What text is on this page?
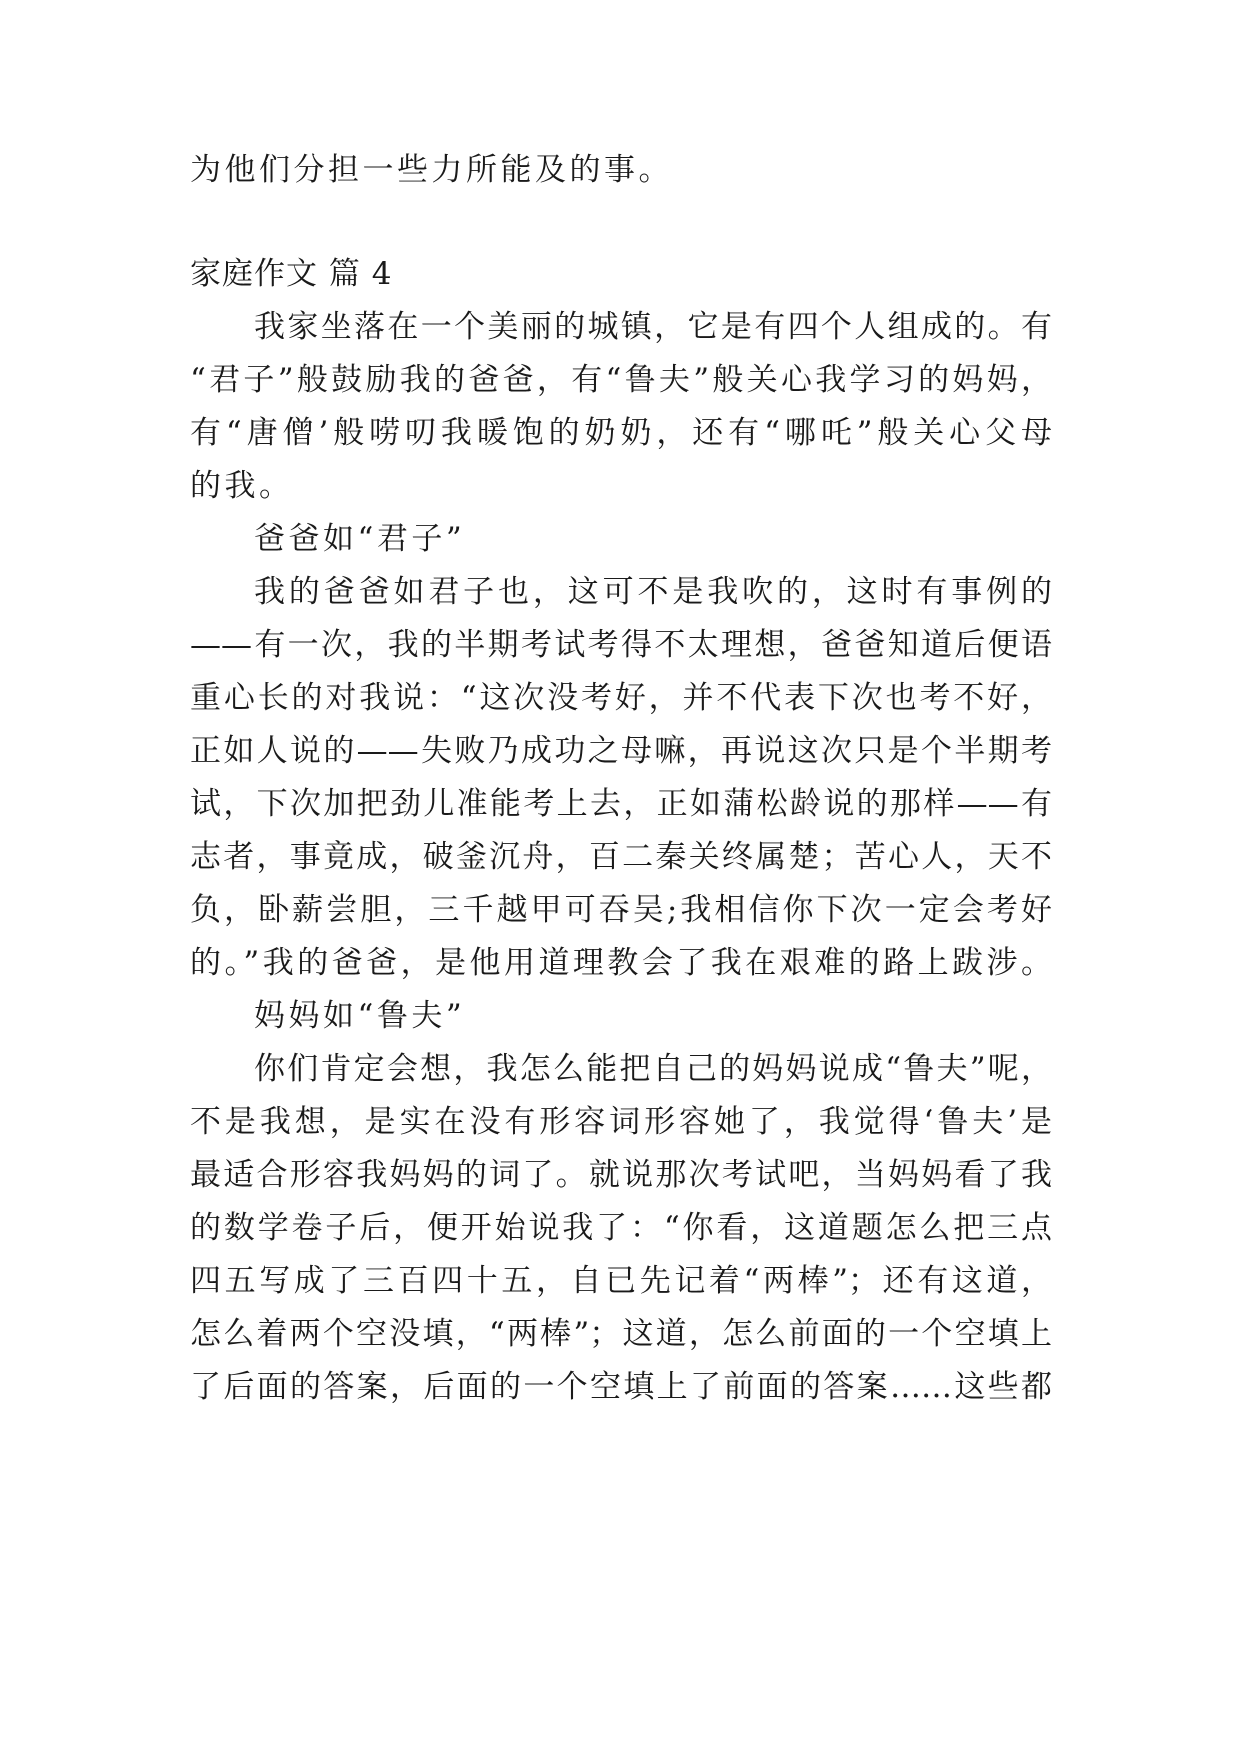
为他们分担一些力所能及的事。
家庭作文 篇 4
我家坐落在一个美丽的城镇，它是有四个人组成的。有
“君子”般鼓励我的爸爸，有“鲁夫”般关心我学习的妈妈，
有“唐僧’般唠叨我暖饱的奶奶，还有“哪吒”般关心父母
的我。
爸爸如“君子”
我的爸爸如君子也，这可不是我吹的，这时有事例的
——有一次，我的半期考试考得不太理想，爸爸知道后便语
重心长的对我说：“这次没考好，并不代表下次也考不好，
正如人说的——失败乃成功之母嘛，再说这次只是个半期考
试，下次加把劲儿准能考上去，正如蒲松龄说的那样——有
志者，事竟成，破釜沉舟，百二秦关终属楚；苦心人，天不
负，卧薪尝胆，三千越甲可吞吴;我相信你下次一定会考好
的。”我的爸爸，是他用道理教会了我在艰难的路上跋涉。
妈妈如“鲁夫”
你们肯定会想，我怎么能把自己的妈妈说成“鲁夫”呢，
不是我想，是实在没有形容词形容她了，我觉得‘鲁夫’是
最适合形容我妈妈的词了。就说那次考试吧，当妈妈看了我
的数学卷子后，便开始说我了：“你看，这道题怎么把三点
四五写成了三百四十五，自已先记着“两棒”；还有这道，
怎么着两个空没填，“两棒”；这道，怎么前面的一个空填上
了后面的答案，后面的一个空填上了前面的答案……这些都
